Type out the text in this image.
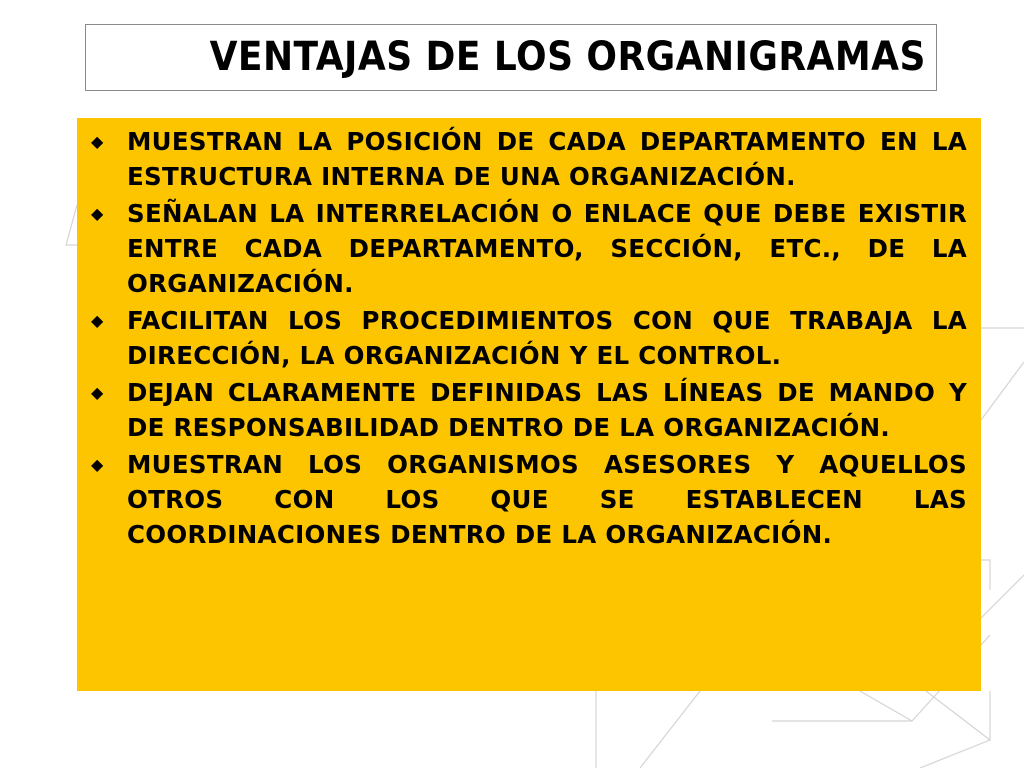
VENTAJAS DE LOS ORGANIGRAMAS
◆ MUESTRAN LA POSICIÓN DE CADA DEPARTAMENTO EN LA ESTRUCTURA INTERNA DE UNA ORGANIZACIÓN.
◆ SEÑALAN LA INTERRELACIÓN O ENLACE QUE DEBE EXISTIR ENTRE CADA DEPARTAMENTO, SECCIÓN, ETC., DE LA ORGANIZACIÓN.
◆ FACILITAN LOS PROCEDIMIENTOS CON QUE TRABAJA LA DIRECCIÓN, LA ORGANIZACIÓN Y EL CONTROL.
◆ DEJAN CLARAMENTE DEFINIDAS LAS LÍNEAS DE MANDO Y DE RESPONSABILIDAD DENTRO DE LA ORGANIZACIÓN.
◆ MUESTRAN LOS ORGANISMOS ASESORES Y AQUELLOS OTROS CON LOS QUE SE ESTABLECEN LAS COORDINACIONES DENTRO DE LA ORGANIZACIÓN.
